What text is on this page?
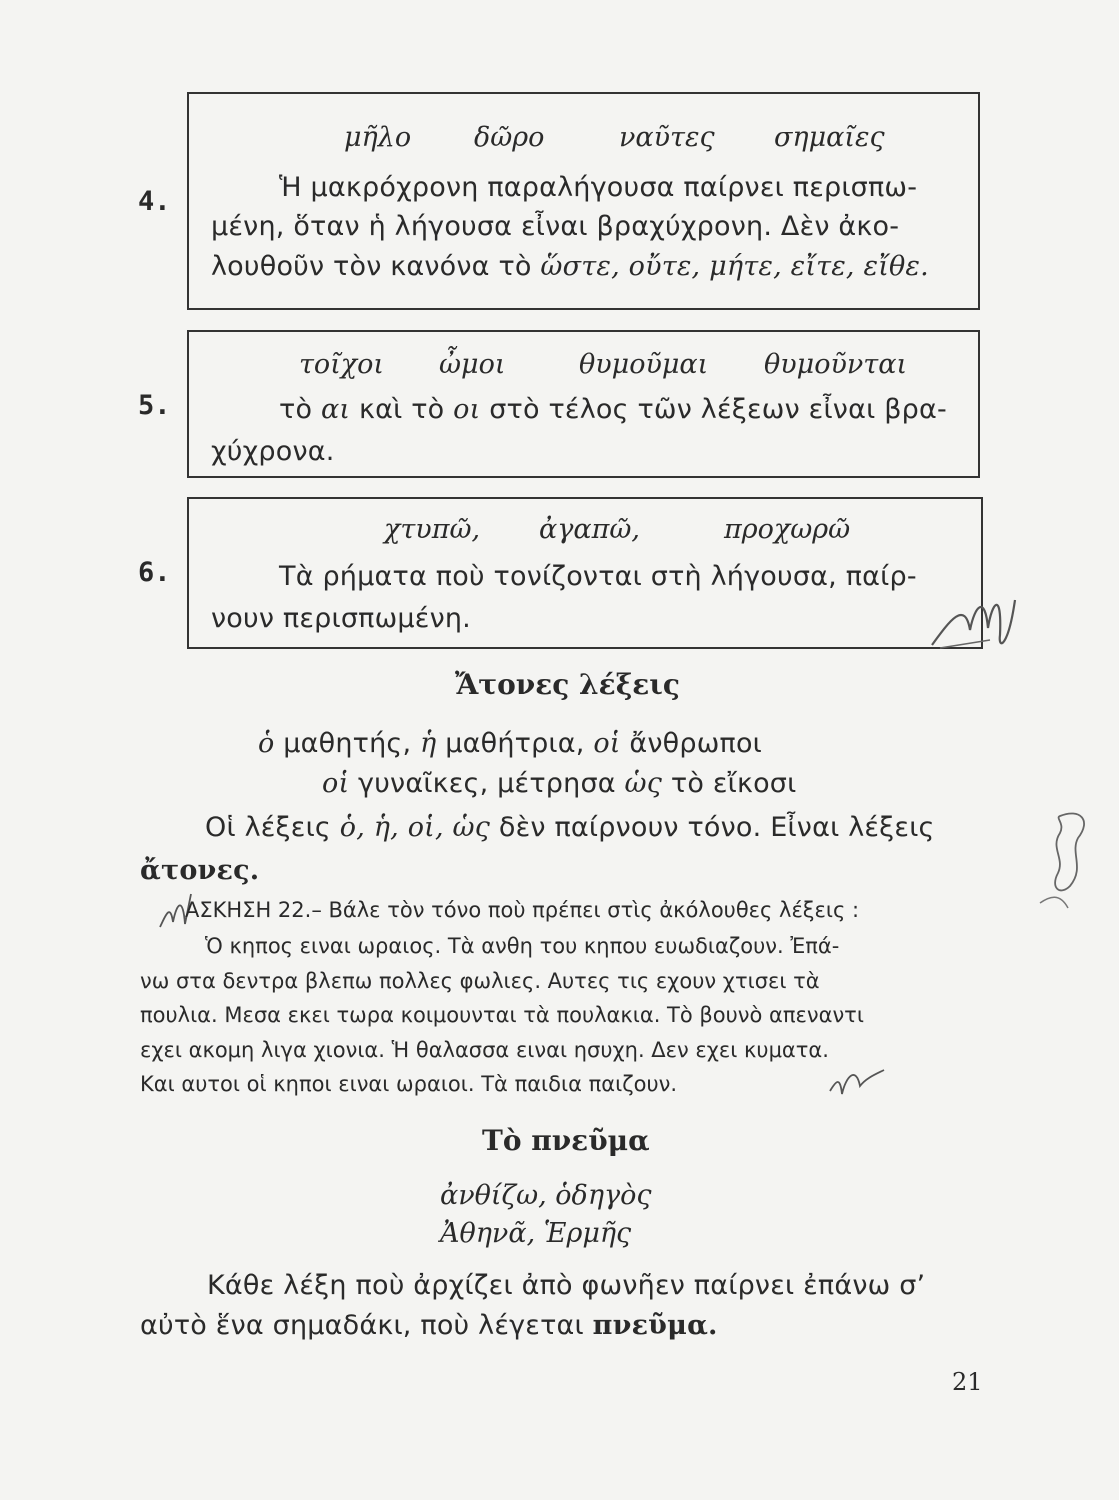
4.
μῆλο δῶρο	ναῦτες σημαῖες
Ἡ μακρόχρονη παραλήγουσα παίρνει περισπω-
μένη, ὅταν ἡ λήγουσα εἶναι βραχύχρονη. Δὲν ἀκο-
λουθοῦν τὸν κανόνα τὸ ὥστε, οὔτε, μήτε, εἴτε, εἴθε.
5.
τοῖχοι ὦμοι	θυμοῦμαι θυμοῦνται
τὸ αι καὶ τὸ οι στὸ τέλος τῶν λέξεων εἶναι βρα-
χύχρονα.
6.
χτυπῶ, ἀγαπῶ,	προχωρῶ
Τὰ ρήματα ποὺ τονίζονται στὴ λήγουσα, παίρ-
νουν περισπωμένη.
Ἄτονες λέξεις
ὁ μαθητής, ἡ μαθήτρια, οἱ ἄνθρωποι
οἱ γυναῖκες, μέτρησα ὡς τὸ εἴκοσι
Οἱ λέξεις ὁ, ἡ, οἱ, ὡς δὲν παίρνουν τόνο. Εἶναι λέξεις
ἄτονες.
ΑΣΚΗΣΗ 22.– Βάλε τὸν τόνο ποὺ πρέπει στὶς ἀκόλουθες λέξεις :
Ὁ κηπος ειναι ωραιος. Τὰ ανθη του κηπου ευωδιαζουν. Ἐπά-
νω στα δεντρα βλεπω πολλες φωλιες. Αυτες τις εχουν χτισει τὰ
πουλια. Μεσα εκει τωρα κοιμουνται τὰ πουλακια. Τὸ βουνὸ απεναντι
εχει ακομη λιγα χιονια. Ἡ θαλασσα ειναι ησυχη. Δεν εχει κυματα.
Και αυτοι οἱ κηποι ειναι ωραιοι. Τὰ παιδια παιζουν.
Τὸ πνεῦμα
ἀνθίζω, ὁδηγὸς
Ἀθηνᾶ, Ἑρμῆς
Κάθε λέξη ποὺ ἀρχίζει ἀπὸ φωνῆεν παίρνει ἐπάνω σ’
αὐτὸ ἕνα σημαδάκι, ποὺ λέγεται πνεῦμα.
21
